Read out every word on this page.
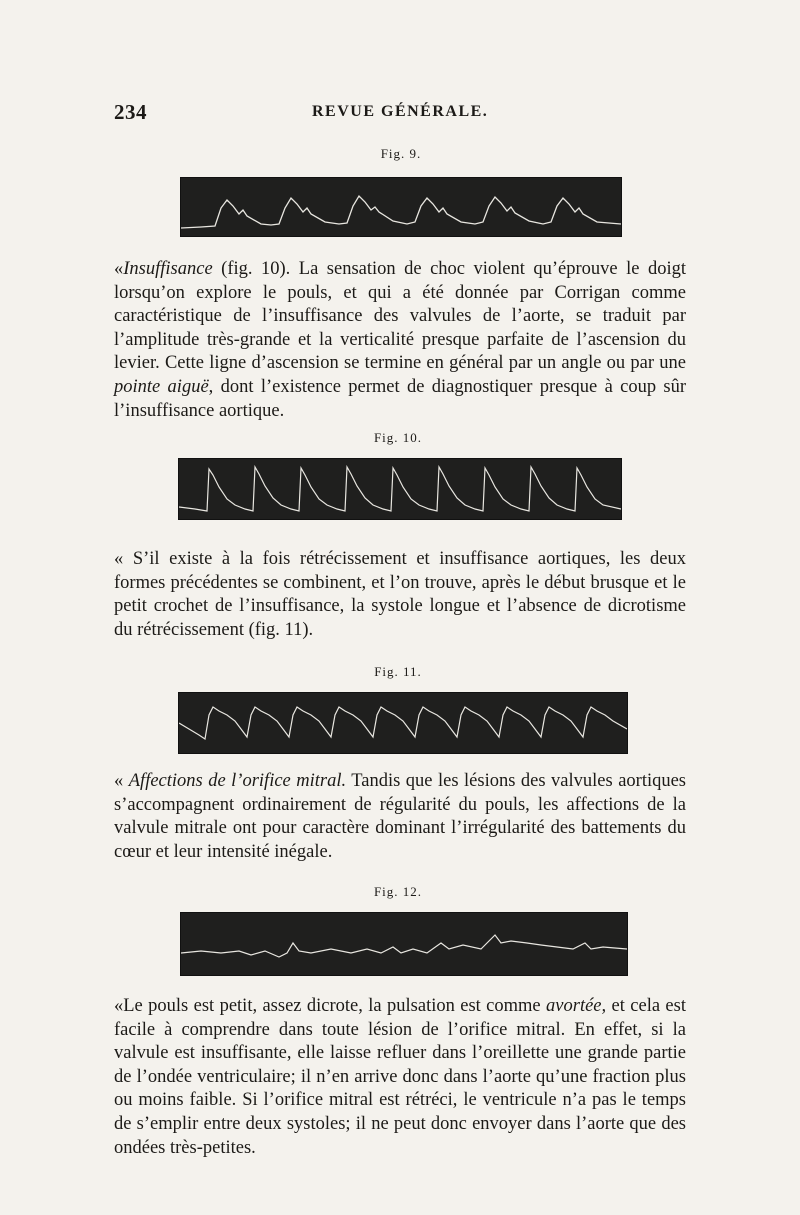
234	REVUE GÉNÉRALE.
Fig. 9.

«Insuffisance (fig. 10). La sensation de choc violent qu’éprouve le doigt lorsqu’on explore le pouls, et qui a été donnée par Corrigan comme caractéristique de l’insuffisance des valvules de l’aorte, se traduit par l’amplitude très-grande et la verticalité presque parfaite de l’ascension du levier. Cette ligne d’ascension se termine en général par un angle ou par une pointe aiguë, dont l’existence permet de diagnostiquer presque à coup sûr l’insuffisance aortique.

Fig. 10.

« S’il existe à la fois rétrécissement et insuffisance aortiques, les deux formes précédentes se combinent, et l’on trouve, après le début brusque et le petit crochet de l’insuffisance, la systole longue et l’absence de dicrotisme du rétrécissement (fig. 11).

Fig. 11.

« Affections de l’orifice mitral. Tandis que les lésions des valvules aortiques s’accompagnent ordinairement de régularité du pouls, les affections de la valvule mitrale ont pour caractère dominant l’irrégularité des battements du cœur et leur intensité inégale.

Fig. 12.

«Le pouls est petit, assez dicrote, la pulsation est comme avortée, et cela est facile à comprendre dans toute lésion de l’orifice mitral. En effet, si la valvule est insuffisante, elle laisse refluer dans l’oreillette une grande partie de l’ondée ventriculaire; il n’en arrive donc dans l’aorte qu’une fraction plus ou moins faible. Si l’orifice mitral est rétréci, le ventricule n’a pas le temps de s’emplir entre deux systoles; il ne peut donc envoyer dans l’aorte que des ondées très-petites.
